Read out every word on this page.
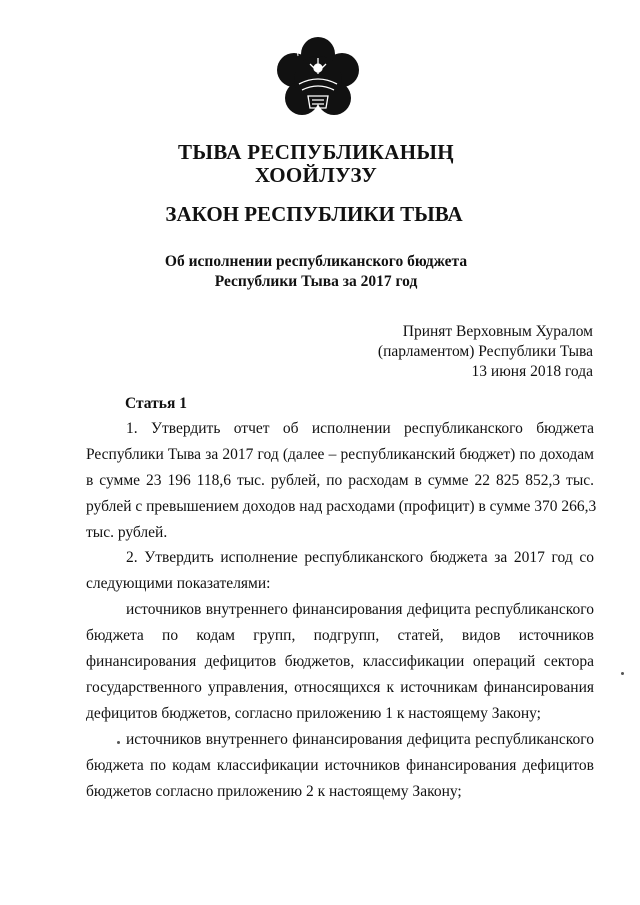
ТЫВА РЕСПУБЛИКАНЫҢ
ХООЙЛУЗУ
ЗАКОН РЕСПУБЛИКИ ТЫВА
Об исполнении республиканского бюджета
Республики Тыва за 2017 год
Принят Верховным Хуралом
(парламентом) Республики Тыва
13 июня 2018 года
Статья 1
1. Утвердить отчет об исполнении республиканского бюджета
Республики Тыва за 2017 год (далее – республиканский бюджет) по доходам
в сумме 23 196 118,6 тыс. рублей, по расходам в сумме 22 825 852,3 тыс.
рублей с превышением доходов над расходами (профицит) в сумме 370 266,3
тыс. рублей.
2. Утвердить исполнение республиканского бюджета за 2017 год со
следующими показателями:
источников внутреннего финансирования дефицита республиканского
бюджета по кодам групп, подгрупп, статей, видов источников
финансирования дефицитов бюджетов, классификации операций сектора
государственного управления, относящихся к источникам финансирования
дефицитов бюджетов, согласно приложению 1 к настоящему Закону;
источников внутреннего финансирования дефицита республиканского
бюджета по кодам классификации источников финансирования дефицитов
бюджетов согласно приложению 2 к настоящему Закону;
